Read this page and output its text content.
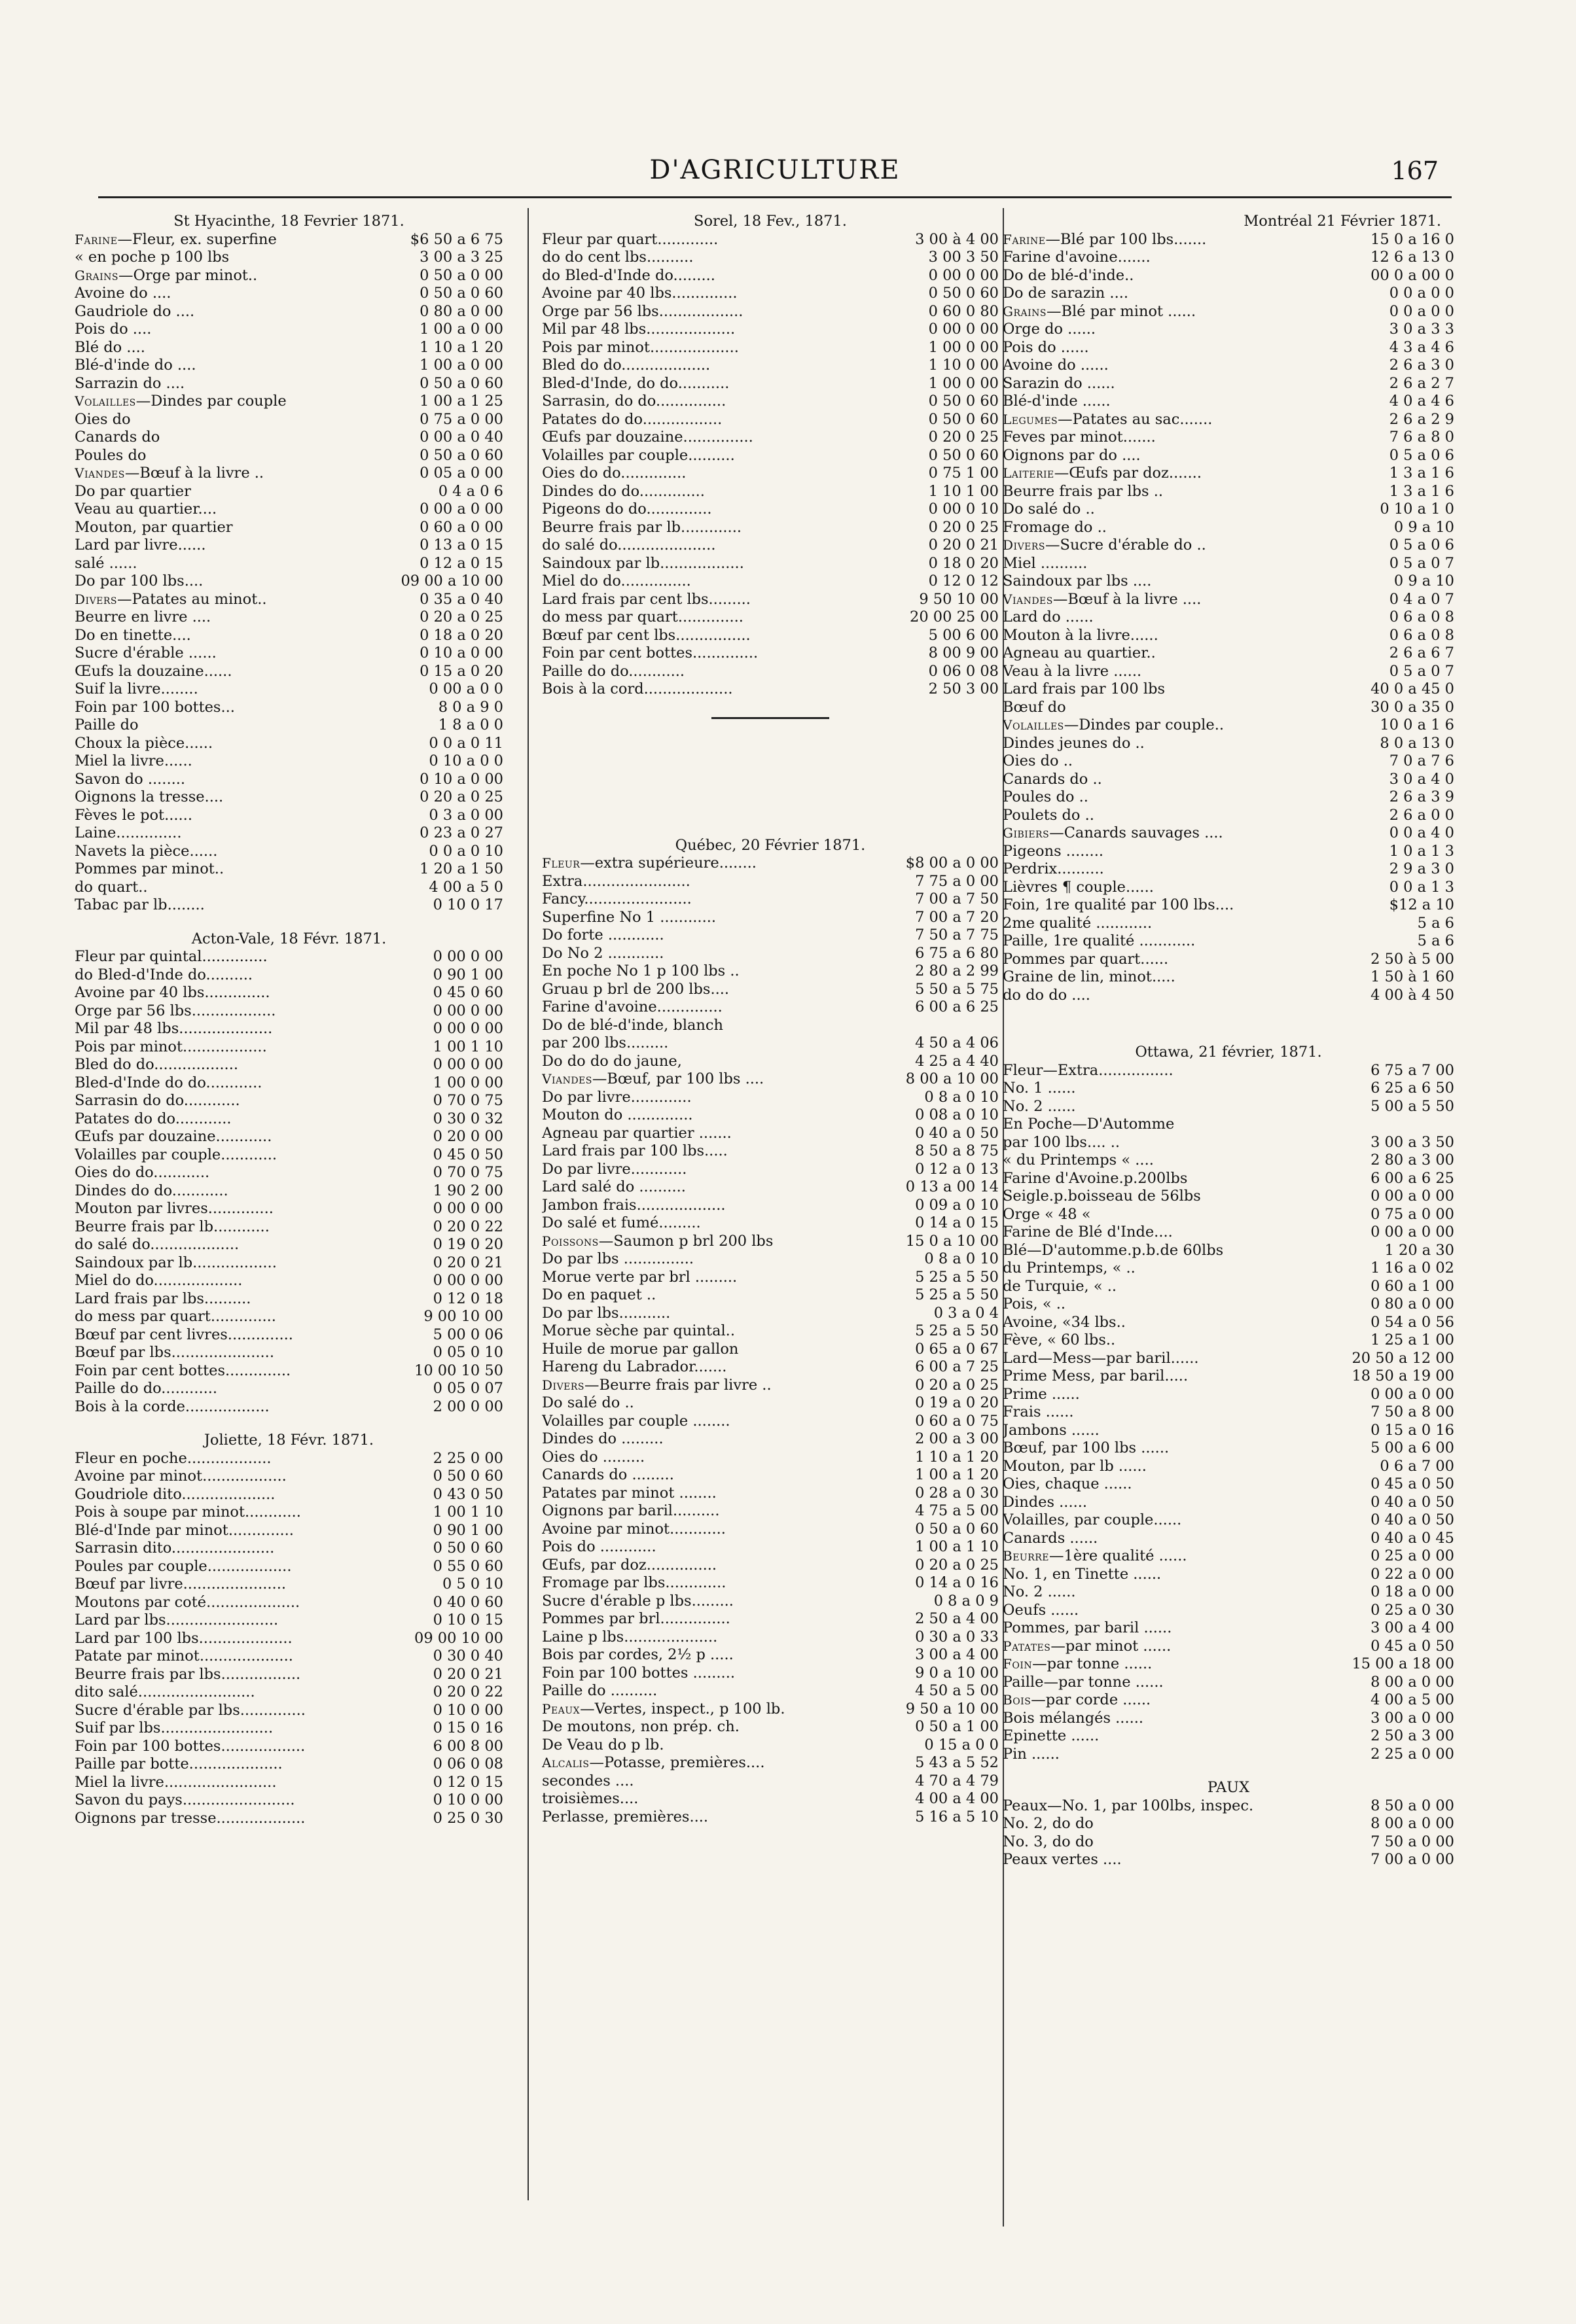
D'AGRICULTURE	167
St Hyacinthe, 18 Fevrier 1871.
Farine—Fleur, ex. superfine	$6 50 a 6 75
« en poche p 100 lbs	3 00 a 3 25
Grains—Orge par minot..	0 50 a 0 00
Avoine do ....	0 50 a 0 60
Gaudriole do ....	0 80 a 0 00
Pois do ....	1 00 a 0 00
Blé do ....	1 10 a 1 20
Blé-d'inde do ....	1 00 a 0 00
Sarrazin do ....	0 50 a 0 60
Volailles—Dindes par couple	1 00 a 1 25
Oies do	0 75 a 0 00
Canards do	0 00 a 0 40
Poules do	0 50 a 0 60
Viandes—Bœuf à la livre ..	0 05 a 0 00
Do par quartier	0 4 a 0 6
Veau au quartier....	0 00 a 0 00
Mouton, par quartier	0 60 a 0 00
Lard par livre......	0 13 a 0 15
salé ......	0 12 a 0 15
Do par 100 lbs....	09 00 a 10 00
Divers—Patates au minot..	0 35 a 0 40
Beurre en livre ....	0 20 a 0 25
Do en tinette....	0 18 a 0 20
Sucre d'érable ......	0 10 a 0 00
Œufs la douzaine......	0 15 a 0 20
Suif la livre........	0 00 a 0 0
Foin par 100 bottes...	8 0 a 9 0
Paille do	1 8 a 0 0
Choux la pièce......	0 0 a 0 11
Miel la livre......	0 10 a 0 0
Savon do ........	0 10 a 0 00
Oignons la tresse....	0 20 a 0 25
Fèves le pot......	0 3 a 0 00
Laine..............	0 23 a 0 27
Navets la pièce......	0 0 a 0 10
Pommes par minot..	1 20 a 1 50
do quart..	4 00 a 5 0
Tabac par lb........	0 10 0 17
Acton-Vale, 18 Févr. 1871.
Fleur par quintal..............	0 00 0 00
do Bled-d'Inde do..........	0 90 1 00
Avoine par 40 lbs..............	0 45 0 60
Orge par 56 lbs..................	0 00 0 00
Mil par 48 lbs....................	0 00 0 00
Pois par minot..................	1 00 1 10
Bled do do..................	0 00 0 00
Bled-d'Inde do do............	1 00 0 00
Sarrasin do do............	0 70 0 75
Patates do do............	0 30 0 32
Œufs par douzaine............	0 20 0 00
Volailles par couple............	0 45 0 50
Oies do do............	0 70 0 75
Dindes do do............	1 90 2 00
Mouton par livres..............	0 00 0 00
Beurre frais par lb............	0 20 0 22
do salé do...................	0 19 0 20
Saindoux par lb..................	0 20 0 21
Miel do do...................	0 00 0 00
Lard frais par lbs..........	0 12 0 18
do mess par quart..............	9 00 10 00
Bœuf par cent livres..............	5 00 0 06
Bœuf par lbs......................	0 05 0 10
Foin par cent bottes..............	10 00 10 50
Paille do do............	0 05 0 07
Bois à la corde..................	2 00 0 00
Joliette, 18 Févr. 1871.
Fleur en poche..................	2 25 0 00
Avoine par minot..................	0 50 0 60
Goudriole dito....................	0 43 0 50
Pois à soupe par minot............	1 00 1 10
Blé-d'Inde par minot..............	0 90 1 00
Sarrasin dito......................	0 50 0 60
Poules par couple..................	0 55 0 60
Bœuf par livre......................	0 5 0 10
Moutons par coté....................	0 40 0 60
Lard par lbs........................	0 10 0 15
Lard par 100 lbs....................	09 00 10 00
Patate par minot....................	0 30 0 40
Beurre frais par lbs.................	0 20 0 21
dito salé.........................	0 20 0 22
Sucre d'érable par lbs..............	0 10 0 00
Suif par lbs........................	0 15 0 16
Foin par 100 bottes..................	6 00 8 00
Paille par botte....................	0 06 0 08
Miel la livre........................	0 12 0 15
Savon du pays........................	0 10 0 00
Oignons par tresse...................	0 25 0 30
Sorel, 18 Fev., 1871.
Fleur par quart.............	3 00 à 4 00
do do cent lbs..........	3 00 3 50
do Bled-d'Inde do.........	0 00 0 00
Avoine par 40 lbs..............	0 50 0 60
Orge par 56 lbs..................	0 60 0 80
Mil par 48 lbs...................	0 00 0 00
Pois par minot...................	1 00 0 00
Bled do do...................	1 10 0 00
Bled-d'Inde, do do...........	1 00 0 00
Sarrasin, do do...............	0 50 0 60
Patates do do.................	0 50 0 60
Œufs par douzaine...............	0 20 0 25
Volailles par couple..........	0 50 0 60
Oies do do..............	0 75 1 00
Dindes do do..............	1 10 1 00
Pigeons do do..............	0 00 0 10
Beurre frais par lb.............	0 20 0 25
do salé do.....................	0 20 0 21
Saindoux par lb..................	0 18 0 20
Miel do do...............	0 12 0 12
Lard frais par cent lbs.........	9 50 10 00
do mess par quart..............	20 00 25 00
Bœuf par cent lbs................	5 00 6 00
Foin par cent bottes..............	8 00 9 00
Paille do do............	0 06 0 08
Bois à la cord...................	2 50 3 00
Québec, 20 Février 1871.
Fleur—extra supérieure........	$8 00 a 0 00
Extra.......................	7 75 a 0 00
Fancy.......................	7 00 a 7 50
Superfine No 1 ............	7 00 a 7 20
Do forte ............	7 50 a 7 75
Do No 2 ............	6 75 a 6 80
En poche No 1 p 100 lbs ..	2 80 a 2 99
Gruau p brl de 200 lbs....	5 50 a 5 75
Farine d'avoine..............	6 00 a 6 25
Do de blé-d'inde, blanch
par 200 lbs.........	4 50 a 4 06
Do do do do jaune,	4 25 a 4 40
Viandes—Bœuf, par 100 lbs ....	8 00 a 10 00
Do par livre.............	0 8 a 0 10
Mouton do ..............	0 08 a 0 10
Agneau par quartier .......	0 40 a 0 50
Lard frais par 100 lbs.....	8 50 a 8 75
Do par livre............	0 12 a 0 13
Lard salé do ..........	0 13 a 00 14
Jambon frais...................	0 09 a 0 10
Do salé et fumé.........	0 14 a 0 15
Poissons—Saumon p brl 200 lbs	15 0 a 10 00
Do par lbs ...............	0 8 a 0 10
Morue verte par brl .........	5 25 a 5 50
Do en paquet ..	5 25 a 5 50
Do par lbs...........	0 3 a 0 4
Morue sèche par quintal..	5 25 a 5 50
Huile de morue par gallon	0 65 a 0 67
Hareng du Labrador.......	6 00 a 7 25
Divers—Beurre frais par livre ..	0 20 a 0 25
Do salé do ..	0 19 a 0 20
Volailles par couple ........	0 60 a 0 75
Dindes do .........	2 00 a 3 00
Oies do .........	1 10 a 1 20
Canards do .........	1 00 a 1 20
Patates par minot ........	0 28 a 0 30
Oignons par baril..........	4 75 a 5 00
Avoine par minot............	0 50 a 0 60
Pois do ............	1 00 a 1 10
Œufs, par doz...............	0 20 a 0 25
Fromage par lbs.............	0 14 a 0 16
Sucre d'érable p lbs.........	0 8 a 0 9
Pommes par brl...............	2 50 a 4 00
Laine p lbs....................	0 30 a 0 33
Bois par cordes, 2½ p .....	3 00 a 4 00
Foin par 100 bottes .........	9 0 a 10 00
Paille do ..........	4 50 a 5 00
Peaux—Vertes, inspect., p 100 lb.	9 50 a 10 00
De moutons, non prép. ch.	0 50 a 1 00
De Veau do p lb.	0 15 a 0 0
Alcalis—Potasse, premières....	5 43 a 5 52
secondes ....	4 70 a 4 79
troisièmes....	4 00 a 4 00
Perlasse, premières....	5 16 a 5 10
Montréal 21 Février 1871.
Farine—Blé par 100 lbs.......	15 0 a 16 0
Farine d'avoine.......	12 6 a 13 0
Do de blé-d'inde..	00 0 a 00 0
Do de sarazin ....	0 0 a 0 0
Grains—Blé par minot ......	0 0 a 0 0
Orge do ......	3 0 a 3 3
Pois do ......	4 3 a 4 6
Avoine do ......	2 6 a 3 0
Sarazin do ......	2 6 a 2 7
Blé-d'inde ......	4 0 a 4 6
Legumes—Patates au sac.......	2 6 a 2 9
Feves par minot.......	7 6 a 8 0
Oignons par do ....	0 5 a 0 6
Laiterie—Œufs par doz.......	1 3 a 1 6
Beurre frais par lbs ..	1 3 a 1 6
Do salé do ..	0 10 a 1 0
Fromage do ..	0 9 a 10
Divers—Sucre d'érable do ..	0 5 a 0 6
Miel ..........	0 5 a 0 7
Saindoux par lbs ....	0 9 a 10
Viandes—Bœuf à la livre ....	0 4 a 0 7
Lard do ......	0 6 a 0 8
Mouton à la livre......	0 6 a 0 8
Agneau au quartier..	2 6 a 6 7
Veau à la livre ......	0 5 a 0 7
Lard frais par 100 lbs	40 0 a 45 0
Bœuf do	30 0 a 35 0
Volailles—Dindes par couple..	10 0 a 1 6
Dindes jeunes do ..	8 0 a 13 0
Oies do ..	7 0 a 7 6
Canards do ..	3 0 a 4 0
Poules do ..	2 6 a 3 9
Poulets do ..	2 6 a 0 0
Gibiers—Canards sauvages ....	0 0 a 4 0
Pigeons ........	1 0 a 1 3
Perdrix..........	2 9 a 3 0
Lièvres ¶ couple......	0 0 a 1 3
Foin, 1re qualité par 100 lbs....	$12 a 10
2me qualité ............	5 a 6
Paille, 1re qualité ............	5 a 6
Pommes par quart......	2 50 à 5 00
Graine de lin, minot.....	1 50 à 1 60
do do do ....	4 00 à 4 50
Ottawa, 21 février, 1871.
Fleur—Extra................	6 75 a 7 00
No. 1 ......	6 25 a 6 50
No. 2 ......	5 00 a 5 50
En Poche—D'Automme
par 100 lbs.... ..	3 00 a 3 50
« du Printemps « ....	2 80 a 3 00
Farine d'Avoine.p.200lbs	6 00 a 6 25
Seigle.p.boisseau de 56lbs	0 00 a 0 00
Orge « 48 «	0 75 a 0 00
Farine de Blé d'Inde....	0 00 a 0 00
Blé—D'automme.p.b.de 60lbs	1 20 a 30
du Printemps, « ..	1 16 a 0 02
de Turquie, « ..	0 60 a 1 00
Pois, « ..	0 80 a 0 00
Avoine, «34 lbs..	0 54 a 0 56
Fève, « 60 lbs..	1 25 a 1 00
Lard—Mess—par baril......	20 50 a 12 00
Prime Mess, par baril.....	18 50 a 19 00
Prime ......	0 00 a 0 00
Frais ......	7 50 a 8 00
Jambons ......	0 15 a 0 16
Bœuf, par 100 lbs ......	5 00 a 6 00
Mouton, par lb ......	0 6 a 7 00
Oies, chaque ......	0 45 a 0 50
Dindes ......	0 40 a 0 50
Volailles, par couple......	0 40 a 0 50
Canards ......	0 40 a 0 45
Beurre—1ère qualité ......	0 25 a 0 00
No. 1, en Tinette ......	0 22 a 0 00
No. 2 ......	0 18 a 0 00
Oeufs ......	0 25 a 0 30
Pommes, par baril ......	3 00 a 4 00
Patates—par minot ......	0 45 a 0 50
Foin—par tonne ......	15 00 a 18 00
Paille—par tonne ......	8 00 a 0 00
Bois—par corde ......	4 00 a 5 00
Bois mélangés ......	3 00 a 0 00
Epinette ......	2 50 a 3 00
Pin ......	2 25 a 0 00
PAUX
Peaux—No. 1, par 100lbs, inspec.	8 50 a 0 00
No. 2, do do	8 00 a 0 00
No. 3, do do	7 50 a 0 00
Peaux vertes ....	7 00 a 0 00
